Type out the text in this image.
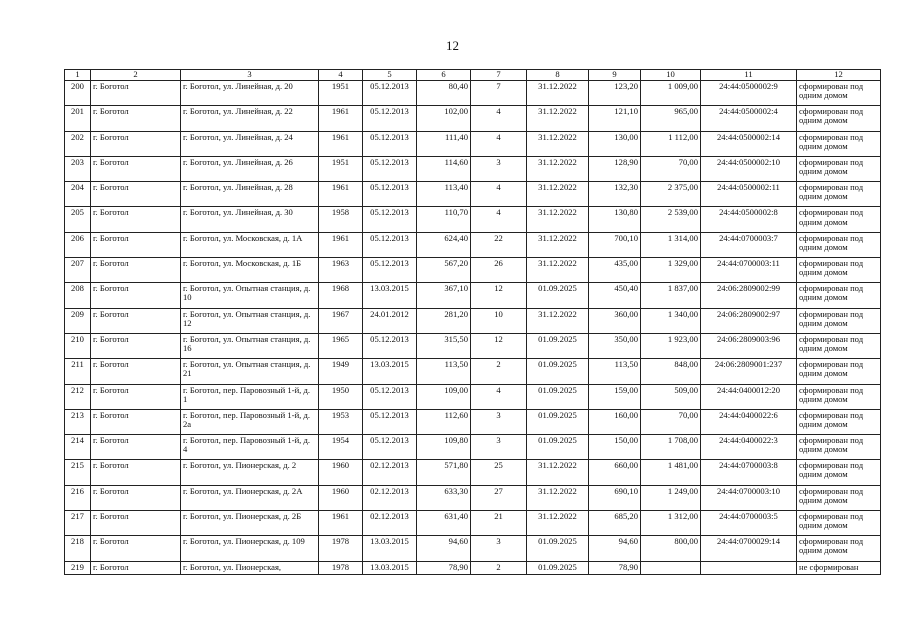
12
1	2	3	4	5	6	7	8	9	10	11	12
200	г. Боготол	г. Боготол, ул. Линейная, д. 20	1951	05.12.2013	80,40	7	31.12.2022	123,20	1 009,00	24:44:0500002:9	сформирован под одним домом
201	г. Боготол	г. Боготол, ул. Линейная, д. 22	1961	05.12.2013	102,00	4	31.12.2022	121,10	965,00	24:44:0500002:4	сформирован под одним домом
202	г. Боготол	г. Боготол, ул. Линейная, д. 24	1961	05.12.2013	111,40	4	31.12.2022	130,00	1 112,00	24:44:0500002:14	сформирован под одним домом
203	г. Боготол	г. Боготол, ул. Линейная, д. 26	1951	05.12.2013	114,60	3	31.12.2022	128,90	70,00	24:44:0500002:10	сформирован под одним домом
204	г. Боготол	г. Боготол, ул. Линейная, д. 28	1961	05.12.2013	113,40	4	31.12.2022	132,30	2 375,00	24:44:0500002:11	сформирован под одним домом
205	г. Боготол	г. Боготол, ул. Линейная, д. 30	1958	05.12.2013	110,70	4	31.12.2022	130,80	2 539,00	24:44:0500002:8	сформирован под одним домом
206	г. Боготол	г. Боготол, ул. Московская, д. 1А	1961	05.12.2013	624,40	22	31.12.2022	700,10	1 314,00	24:44:0700003:7	сформирован под одним домом
207	г. Боготол	г. Боготол, ул. Московская, д. 1Б	1963	05.12.2013	567,20	26	31.12.2022	435,00	1 329,00	24:44:0700003:11	сформирован под одним домом
208	г. Боготол	г. Боготол, ул. Опытная станция, д. 10	1968	13.03.2015	367,10	12	01.09.2025	450,40	1 837,00	24:06:2809002:99	сформирован под одним домом
209	г. Боготол	г. Боготол, ул. Опытная станция, д. 12	1967	24.01.2012	281,20	10	31.12.2022	360,00	1 340,00	24:06:2809002:97	сформирован под одним домом
210	г. Боготол	г. Боготол, ул. Опытная станция, д. 16	1965	05.12.2013	315,50	12	01.09.2025	350,00	1 923,00	24:06:2809003:96	сформирован под одним домом
211	г. Боготол	г. Боготол, ул. Опытная станция, д. 21	1949	13.03.2015	113,50	2	01.09.2025	113,50	848,00	24:06:2809001:237	сформирован под одним домом
212	г. Боготол	г. Боготол, пер. Паровозный 1-й, д. 1	1950	05.12.2013	109,00	4	01.09.2025	159,00	509,00	24:44:0400012:20	сформирован под одним домом
213	г. Боготол	г. Боготол, пер. Паровозный 1-й, д. 2а	1953	05.12.2013	112,60	3	01.09.2025	160,00	70,00	24:44:0400022:6	сформирован под одним домом
214	г. Боготол	г. Боготол, пер. Паровозный 1-й, д. 4	1954	05.12.2013	109,80	3	01.09.2025	150,00	1 708,00	24:44:0400022:3	сформирован под одним домом
215	г. Боготол	г. Боготол, ул. Пионерская, д. 2	1960	02.12.2013	571,80	25	31.12.2022	660,00	1 481,00	24:44:0700003:8	сформирован под одним домом
216	г. Боготол	г. Боготол, ул. Пионерская, д. 2А	1960	02.12.2013	633,30	27	31.12.2022	690,10	1 249,00	24:44:0700003:10	сформирован под одним домом
217	г. Боготол	г. Боготол, ул. Пионерская, д. 2Б	1961	02.12.2013	631,40	21	31.12.2022	685,20	1 312,00	24:44:0700003:5	сформирован под одним домом
218	г. Боготол	г. Боготол, ул. Пионерская, д. 109	1978	13.03.2015	94,60	3	01.09.2025	94,60	800,00	24:44:0700029:14	сформирован под одним домом
219	г. Боготол	г. Боготол, ул. Пионерская,	1978	13.03.2015	78,90	2	01.09.2025	78,90			не сформирован
